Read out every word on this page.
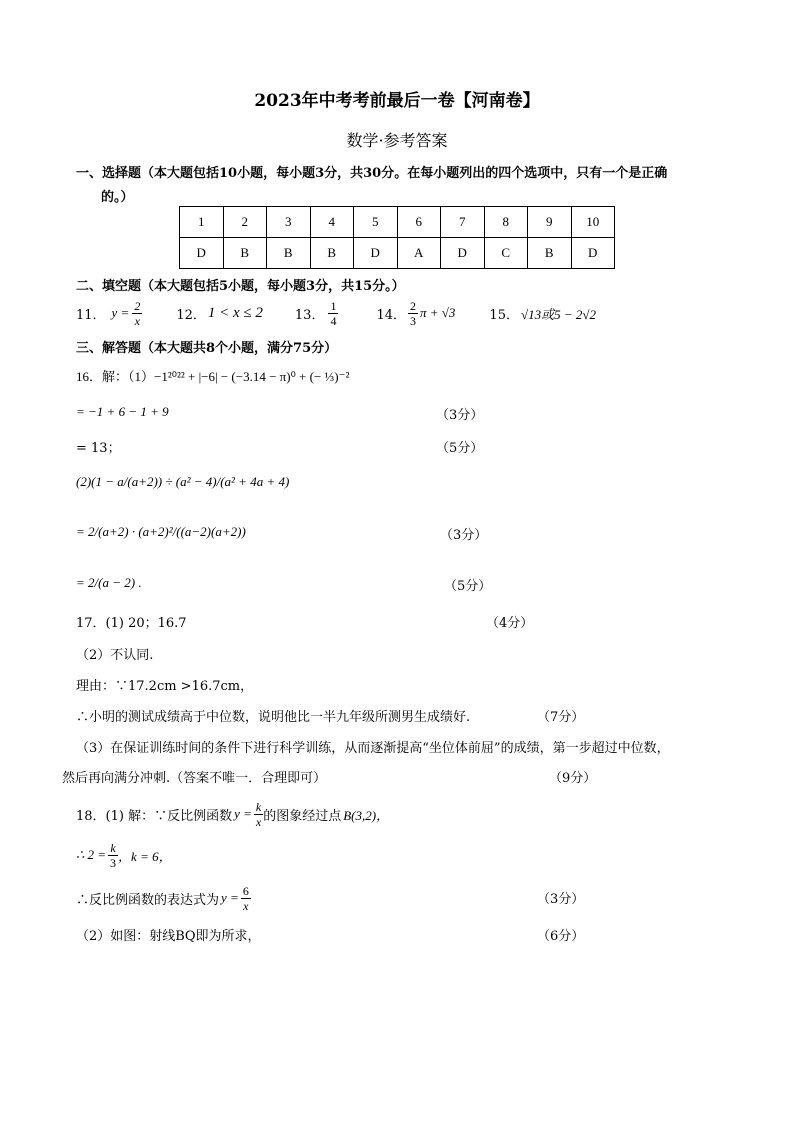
2023年中考考前最后一卷【河南卷】
数学·参考答案
一、选择题（本大题包括10小题，每小题3分，共30分。在每小题列出的四个选项中，只有一个是正确
的。）
1	2	3	4	5	6	7	8	9	10
D	B	B	B	D	A	D	C	B	D
二、填空题（本大题包括5小题，每小题3分，共15分。）
11． $y = \frac{2}{x}$	12． 1 < x ≤ 2 13． $\frac{1}{4}$	14． $\frac{2}{3}$ π + √3	15． √13或5 − 2√2
三、解答题（本大题共8个小题，满分75分）
16．解：（1）−1²⁰²² + |−6| − (−3.14 − π)⁰ + (− ⅓)⁻²
= −1 + 6 − 1 + 9	（3分）
= 13；	（5分）
(2)(1 − a/(a+2)) ÷ (a² − 4)/(a² + 4a + 4)
= 2/(a+2) · (a+2)²/((a−2)(a+2))	（3分）
= 2/(a − 2) .	（5分）
17．(1) 20；16.7	（4分）
（2）不认同.
理由：∵17.2cm >16.7cm，
∴小明的测试成绩高于中位数，说明他比一半九年级所测男生成绩好.	（7分）
（3）在保证训练时间的条件下进行科学训练，从而逐渐提高“坐位体前屈”的成绩，第一步超过中位数，
然后再向满分冲刺.（答案不唯一．合理即可）	（9分）
18．(1) 解：∵反比例函数 $y = \frac{k}{x}$ 的图象经过点 B(3,2)，
∴ $2 = \frac{k}{3}$ ，k = 6，
∴反比例函数的表达式为 $y = \frac{6}{x}$	（3分）
（2）如图：射线BQ即为所求，	（6分）
